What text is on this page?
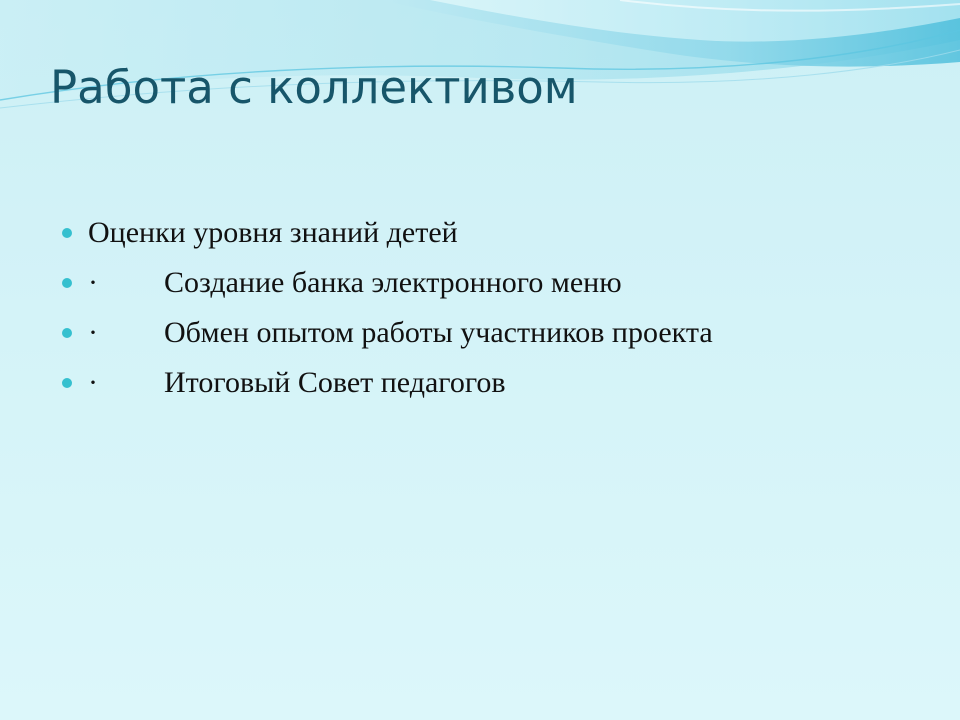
Работа с коллективом
Оценки уровня знаний детей
·	Создание банка электронного меню
·	Обмен опытом работы участников проекта
·	Итоговый Совет педагогов
